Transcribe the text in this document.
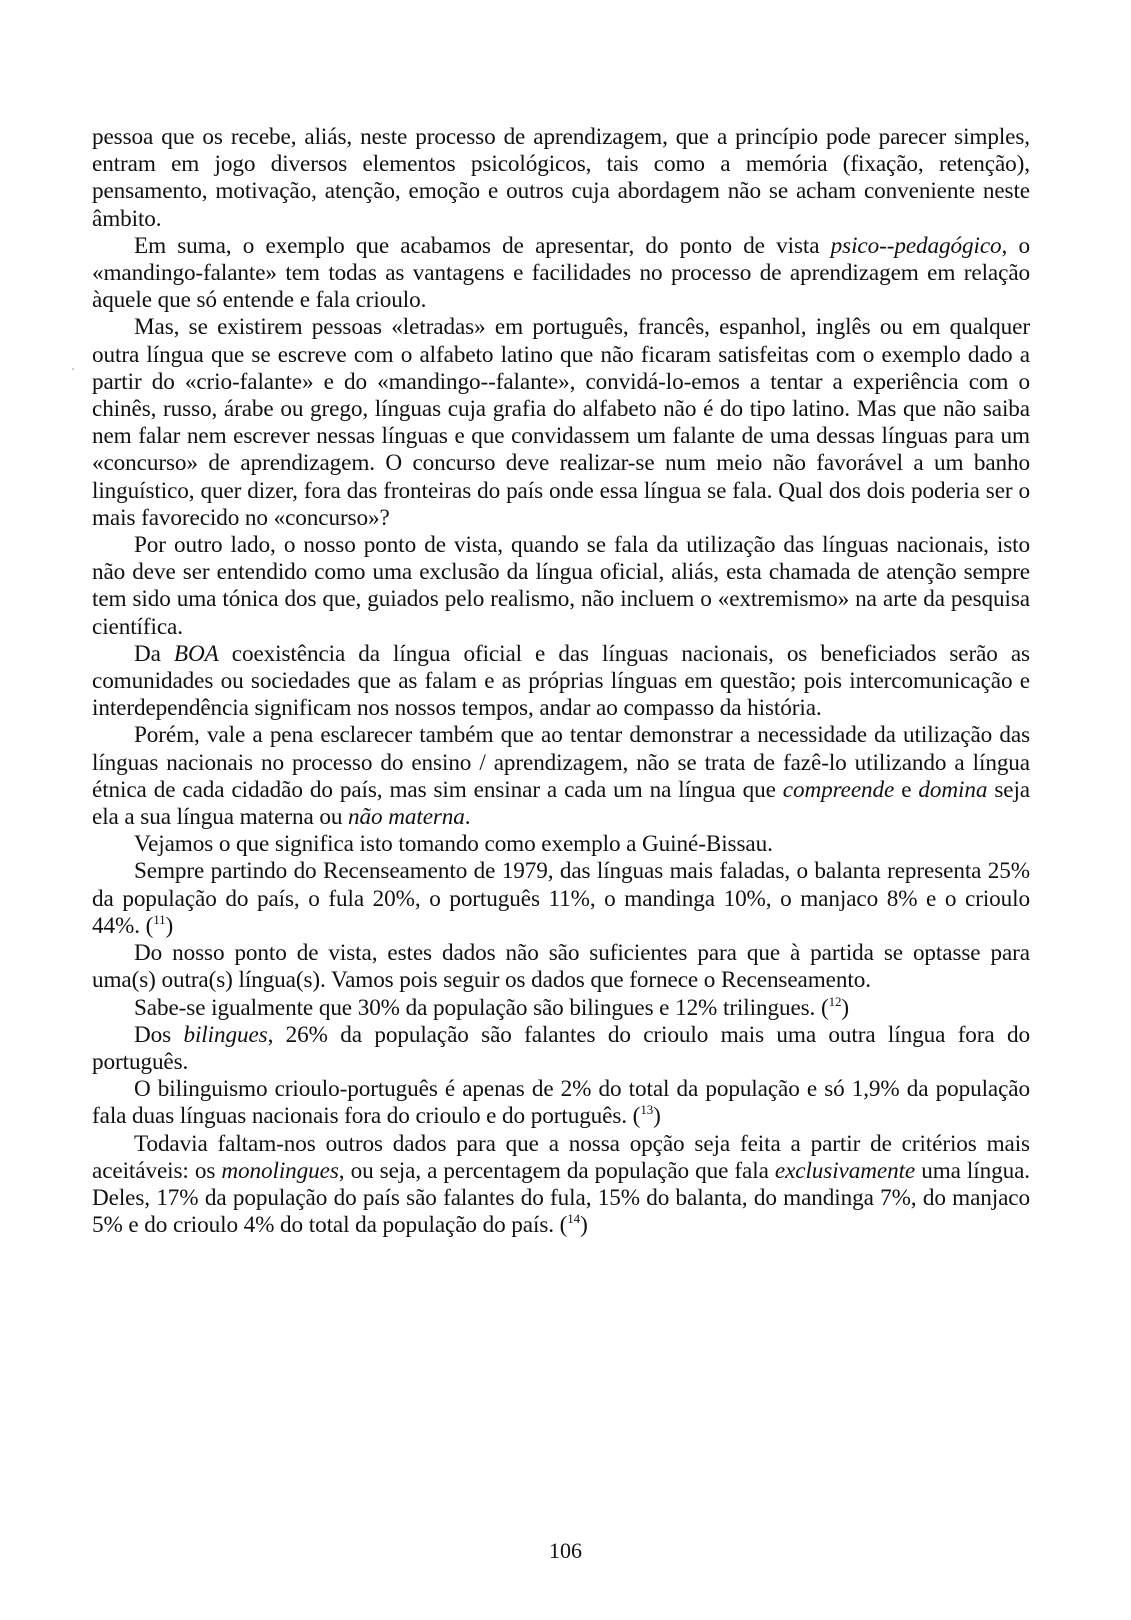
pessoa que os recebe, aliás, neste processo de aprendizagem, que a princípio pode parecer simples, entram em jogo diversos elementos psicológicos, tais como a memória (fixação, retenção), pensamento, motivação, atenção, emoção e outros cuja abordagem não se acham conveniente neste âmbito.

Em suma, o exemplo que acabamos de apresentar, do ponto de vista psico--pedagógico, o «mandingo-falante» tem todas as vantagens e facilidades no processo de aprendizagem em relação àquele que só entende e fala crioulo.

Mas, se existirem pessoas «letradas» em português, francês, espanhol, inglês ou em qualquer outra língua que se escreve com o alfabeto latino que não ficaram satisfeitas com o exemplo dado a partir do «crio-falante» e do «mandingo--falante», convidá-lo-emos a tentar a experiência com o chinês, russo, árabe ou grego, línguas cuja grafia do alfabeto não é do tipo latino. Mas que não saiba nem falar nem escrever nessas línguas e que convidassem um falante de uma dessas línguas para um «concurso» de aprendizagem. O concurso deve realizar-se num meio não favorável a um banho linguístico, quer dizer, fora das fronteiras do país onde essa língua se fala. Qual dos dois poderia ser o mais favorecido no «concurso»?

Por outro lado, o nosso ponto de vista, quando se fala da utilização das línguas nacionais, isto não deve ser entendido como uma exclusão da língua oficial, aliás, esta chamada de atenção sempre tem sido uma tónica dos que, guiados pelo realismo, não incluem o «extremismo» na arte da pesquisa científica.

Da BOA coexistência da língua oficial e das línguas nacionais, os beneficiados serão as comunidades ou sociedades que as falam e as próprias línguas em questão; pois intercomunicação e interdependência significam nos nossos tempos, andar ao compasso da história.

Porém, vale a pena esclarecer também que ao tentar demonstrar a necessidade da utilização das línguas nacionais no processo do ensino / aprendizagem, não se trata de fazê-lo utilizando a língua étnica de cada cidadão do país, mas sim ensinar a cada um na língua que compreende e domina seja ela a sua língua materna ou não materna.

Vejamos o que significa isto tomando como exemplo a Guiné-Bissau.

Sempre partindo do Recenseamento de 1979, das línguas mais faladas, o balanta representa 25% da população do país, o fula 20%, o português 11%, o mandinga 10%, o manjaco 8% e o crioulo 44%. ($^{11}$)

Do nosso ponto de vista, estes dados não são suficientes para que à partida se optasse para uma(s) outra(s) língua(s). Vamos pois seguir os dados que fornece o Recenseamento.

Sabe-se igualmente que 30% da população são bilingues e 12% trilingues. ($^{12}$)

Dos bilingues, 26% da população são falantes do crioulo mais uma outra língua fora do português.

O bilinguismo crioulo-português é apenas de 2% do total da população e só 1,9% da população fala duas línguas nacionais fora do crioulo e do português. ($^{13}$)

Todavia faltam-nos outros dados para que a nossa opção seja feita a partir de critérios mais aceitáveis: os monolingues, ou seja, a percentagem da população que fala exclusivamente uma língua. Deles, 17% da população do país são falantes do fula, 15% do balanta, do mandinga 7%, do manjaco 5% e do crioulo 4% do total da população do país. ($^{14}$)

106
